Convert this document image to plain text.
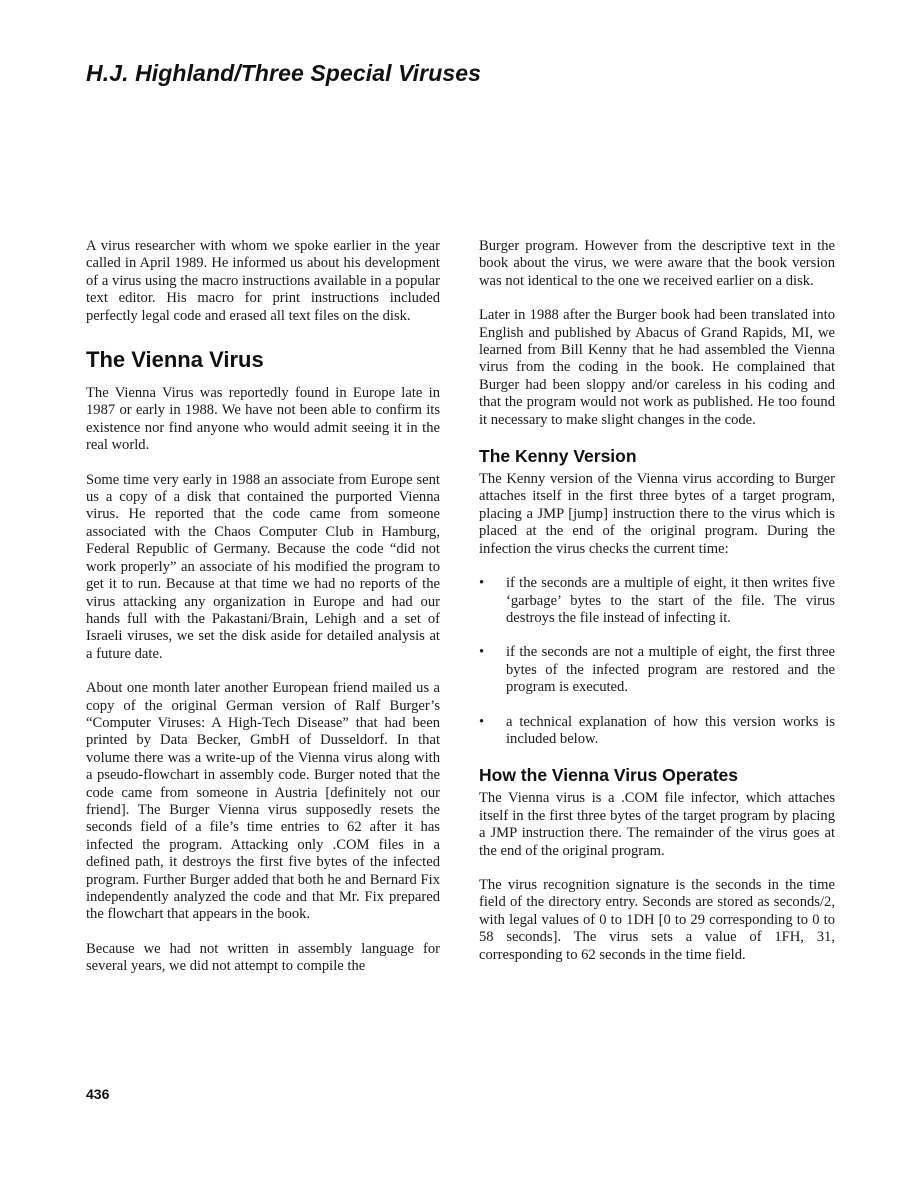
H.J. Highland/Three Special Viruses

A virus researcher with whom we spoke earlier in the year called in April 1989. He informed us about his development of a virus using the macro instructions available in a popular text editor. His macro for print instructions included perfectly legal code and erased all text files on the disk.

The Vienna Virus

The Vienna Virus was reportedly found in Europe late in 1987 or early in 1988. We have not been able to confirm its existence nor find anyone who would admit seeing it in the real world.

Some time very early in 1988 an associate from Europe sent us a copy of a disk that contained the purported Vienna virus. He reported that the code came from someone associated with the Chaos Computer Club in Hamburg, Federal Republic of Germany. Because the code “did not work properly” an associate of his modified the program to get it to run. Because at that time we had no reports of the virus attacking any organization in Europe and had our hands full with the Pakastani/Brain, Lehigh and a set of Israeli viruses, we set the disk aside for detailed analysis at a future date.

About one month later another European friend mailed us a copy of the original German version of Ralf Burger’s “Computer Viruses: A High-Tech Disease” that had been printed by Data Becker, GmbH of Dusseldorf. In that volume there was a write-up of the Vienna virus along with a pseudo-flowchart in assembly code. Burger noted that the code came from someone in Austria [definitely not our friend]. The Burger Vienna virus supposedly resets the seconds field of a file’s time entries to 62 after it has infected the program. Attacking only .COM files in a defined path, it destroys the first five bytes of the infected program. Further Burger added that both he and Bernard Fix independently analyzed the code and that Mr. Fix prepared the flowchart that appears in the book.

Because we had not written in assembly language for several years, we did not attempt to compile the

Burger program. However from the descriptive text in the book about the virus, we were aware that the book version was not identical to the one we received earlier on a disk.

Later in 1988 after the Burger book had been translated into English and published by Abacus of Grand Rapids, MI, we learned from Bill Kenny that he had assembled the Vienna virus from the coding in the book. He complained that Burger had been sloppy and/or careless in his coding and that the program would not work as published. He too found it necessary to make slight changes in the code.

The Kenny Version

The Kenny version of the Vienna virus according to Burger attaches itself in the first three bytes of a target program, placing a JMP [jump] instruction there to the virus which is placed at the end of the original program. During the infection the virus checks the current time:

• if the seconds are a multiple of eight, it then writes five ‘garbage’ bytes to the start of the file. The virus destroys the file instead of infecting it.
• if the seconds are not a multiple of eight, the first three bytes of the infected program are restored and the program is executed.
• a technical explanation of how this version works is included below.
How the Vienna Virus Operates

The Vienna virus is a .COM file infector, which attaches itself in the first three bytes of the target program by placing a JMP instruction there. The remainder of the virus goes at the end of the original program.

The virus recognition signature is the seconds in the time field of the directory entry. Seconds are stored as seconds/2, with legal values of 0 to 1DH [0 to 29 corresponding to 0 to 58 seconds]. The virus sets a value of 1FH, 31, corresponding to 62 seconds in the time field.

436
